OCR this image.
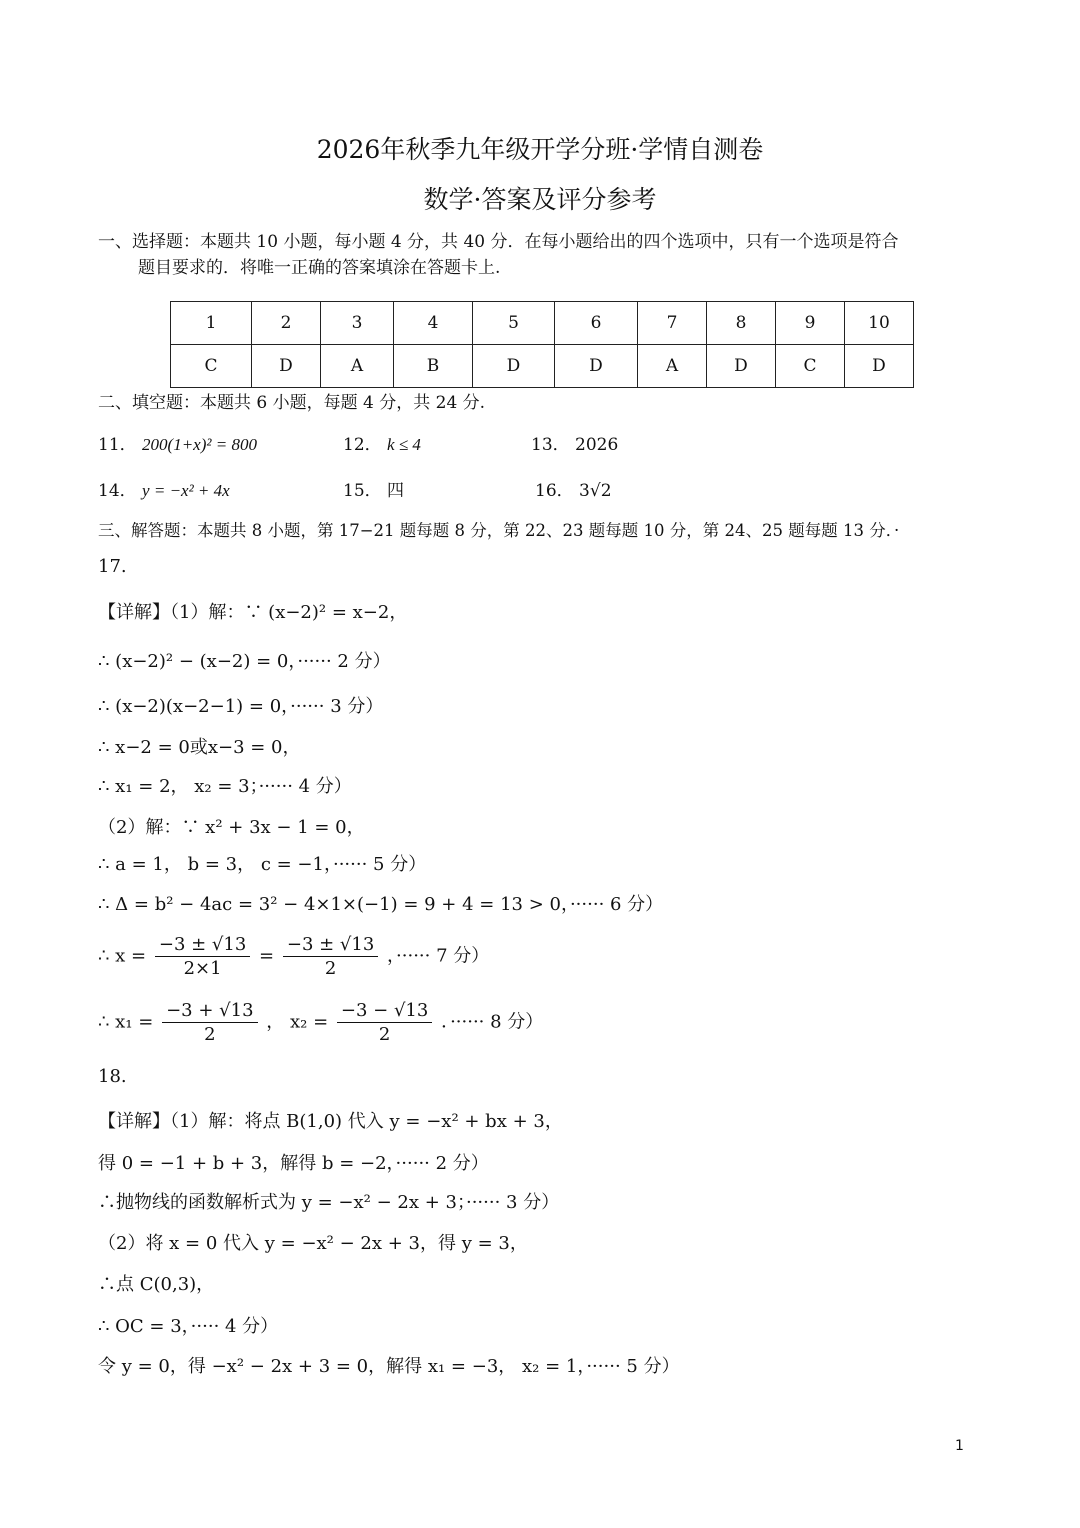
2026年秋季九年级开学分班·学情自测卷
数学·答案及评分参考
一、选择题：本题共 10 小题，每小题 4 分，共 40 分．在每小题给出的四个选项中，只有一个选项是符合
题目要求的．将唯一正确的答案填涂在答题卡上.
1	2	3	4	5	6	7	8	9	10
C	D	A	B	D	D	A	D	C	D
二、填空题：本题共 6 小题，每题 4 分，共 24 分.
11． 200(1+x)² = 800	12． k ≤ 4	13． 2026
14． y = −x² + 4x	15． 四	16． 3√2
三、解答题：本题共 8 小题，第 17−21 题每题 8 分，第 22、23 题每题 10 分，第 24、25 题每题 13 分．·
17.
【详解】（1）解：∵ (x−2)² = x−2，
∴ (x−2)² − (x−2) = 0，······ 2 分）
∴ (x−2)(x−2−1) = 0，······ 3 分）
∴ x−2 = 0或x−3 = 0，
∴ x₁ = 2， x₂ = 3；······ 4 分）
（2）解：∵ x² + 3x − 1 = 0，
∴ a = 1， b = 3， c = −1，······ 5 分）
∴ Δ = b² − 4ac = 3² − 4×1×(−1) = 9 + 4 = 13 > 0，······ 6 分）
∴ $x = \frac{-3 \pm √13}{2\times 1} = \frac{-3 \pm √13}{2}$ ，······ 7 分）
∴ $x_1 = \frac{-3 + √13}{2}$ ， $x_2 = \frac{-3 - √13}{2}$ ．······ 8 分）
18.
【详解】（1）解：将点 B(1,0) 代入 y = −x² + bx + 3，
得 0 = −1 + b + 3，解得 b = −2，······ 2 分）
∴抛物线的函数解析式为 y = −x² − 2x + 3；······ 3 分）
（2）将 x = 0 代入 y = −x² − 2x + 3，得 y = 3，
∴点 C(0,3)，
∴ OC = 3，····· 4 分）
令 y = 0，得 −x² − 2x + 3 = 0，解得 x₁ = −3， x₂ = 1，······ 5 分）
1
